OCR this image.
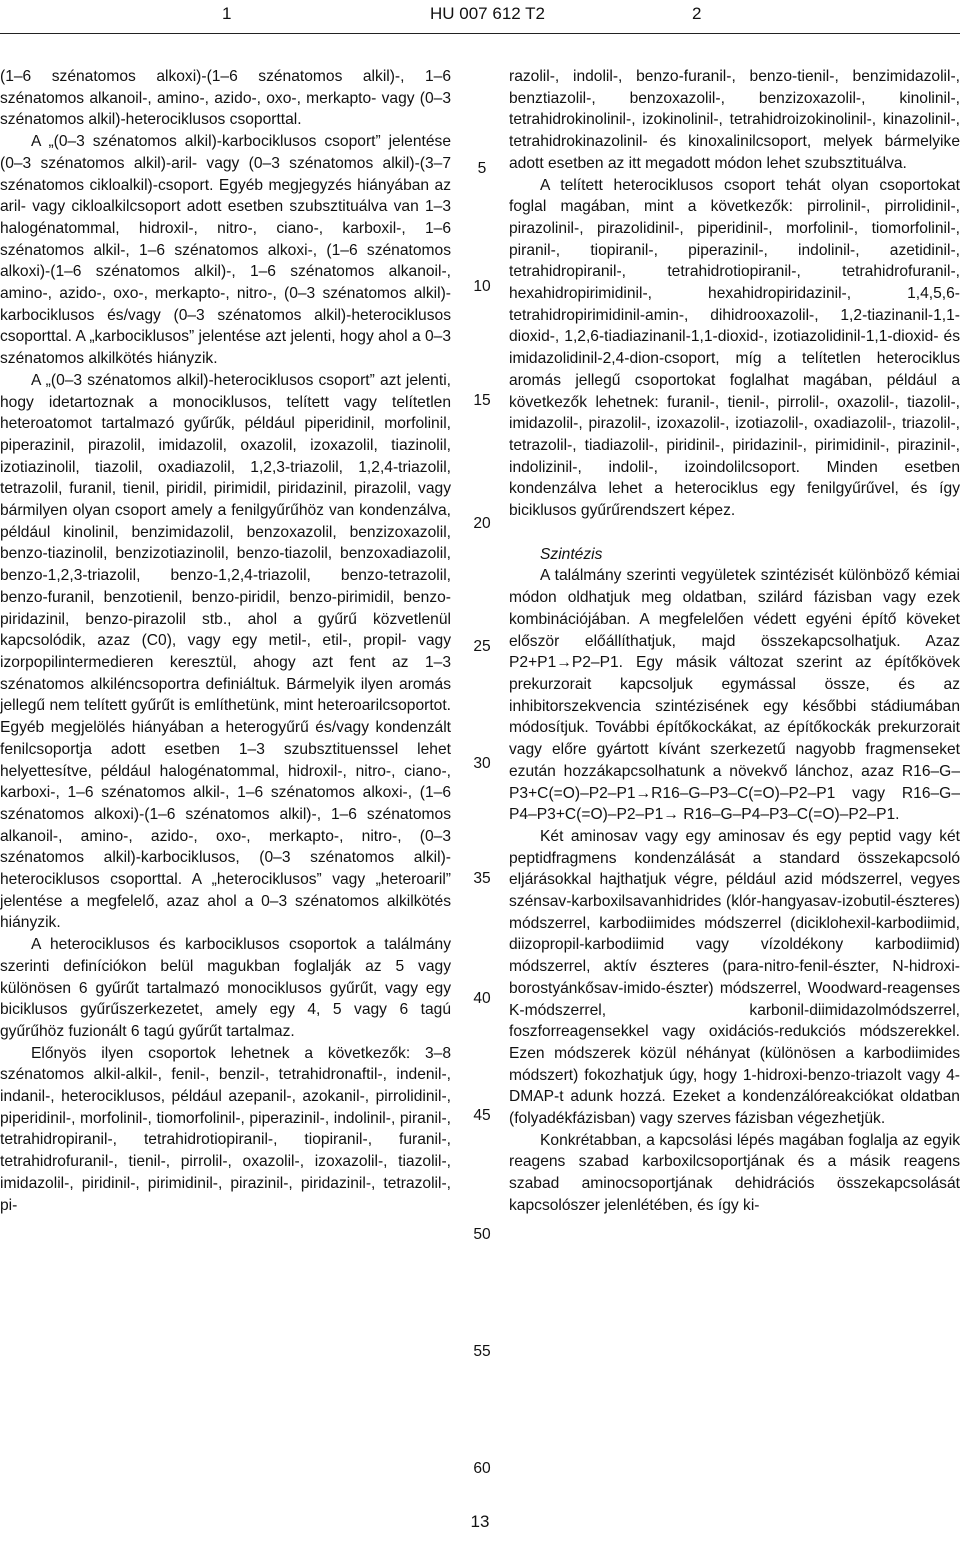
1	HU 007 612 T2	2

(1–6 szénatomos alkoxi)-(1–6 szénatomos alkil)-, 1–6 szénatomos alkanoil-, amino-, azido-, oxo-, merkapto- vagy (0–3 szénatomos alkil)-heterociklusos csoporttal.

A „(0–3 szénatomos alkil)-karbociklusos csoport” jelentése (0–3 szénatomos alkil)-aril- vagy (0–3 szénatomos alkil)-(3–7 szénatomos cikloalkil)-csoport. Egyéb megjegyzés hiányában az aril- vagy cikloalkilcsoport adott esetben szubsztituálva van 1–3 halogénatommal, hidroxil-, nitro-, ciano-, karboxil-, 1–6 szénatomos alkil-, 1–6 szénatomos alkoxi-, (1–6 szénatomos alkoxi)-(1–6 szénatomos alkil)-, 1–6 szénatomos alkanoil-, amino-, azido-, oxo-, merkapto-, nitro-, (0–3 szénatomos alkil)-karbociklusos és/vagy (0–3 szénatomos alkil)-heterociklusos csoporttal. A „karbociklusos” jelentése azt jelenti, hogy ahol a 0–3 szénatomos alkilkötés hiányzik.

A „(0–3 szénatomos alkil)-heterociklusos csoport” azt jelenti, hogy idetartoznak a monociklusos, telített vagy telítetlen heteroatomot tartalmazó gyűrűk, például piperidinil, morfolinil, piperazinil, pirazolil, imidazolil, oxazolil, izoxazolil, tiazinolil, izotiazinolil, tiazolil, oxadiazolil, 1,2,3-triazolil, 1,2,4-triazolil, tetrazolil, furanil, tienil, piridil, pirimidil, piridazinil, pirazolil, vagy bármilyen olyan csoport amely a fenilgyűrűhöz van kondenzálva, például kinolinil, benzimidazolil, benzoxazolil, benzizoxazolil, benzo-tiazinolil, benzizotiazinolil, benzo-tiazolil, benzoxadiazolil, benzo-1,2,3-triazolil, benzo-1,2,4-triazolil, benzo-tetrazolil, benzo-furanil, benzotienil, benzo-piridil, benzo-pirimidil, benzo-piridazinil, benzo-pirazolil stb., ahol a gyűrű közvetlenül kapcsolódik, azaz (C0), vagy egy metil-, etil-, propil- vagy izorpopilintermedieren keresztül, ahogy azt fent az 1–3 szénatomos alkiléncsoportra definiáltuk. Bármelyik ilyen aromás jellegű nem telített gyűrűt is említhetünk, mint heteroarilcsoportot. Egyéb megjelölés hiányában a heterogyűrű és/vagy kondenzált fenilcsoportja adott esetben 1–3 szubsztituenssel lehet helyettesítve, például halogénatommal, hidroxil-, nitro-, ciano-, karboxi-, 1–6 szénatomos alkil-, 1–6 szénatomos alkoxi-, (1–6 szénatomos alkoxi)-(1–6 szénatomos alkil)-, 1–6 szénatomos alkanoil-, amino-, azido-, oxo-, merkapto-, nitro-, (0–3 szénatomos alkil)-karbociklusos, (0–3 szénatomos alkil)-heterociklusos csoporttal. A „heterociklusos” vagy „heteroaril” jelentése a megfelelő, azaz ahol a 0–3 szénatomos alkilkötés hiányzik.

A heterociklusos és karbociklusos csoportok a találmány szerinti definíciókon belül magukban foglalják az 5 vagy különösen 6 gyűrűt tartalmazó monociklusos gyűrűt, vagy egy biciklusos gyűrűszerkezetet, amely egy 4, 5 vagy 6 tagú gyűrűhöz fuzionált 6 tagú gyűrűt tartalmaz.

Előnyös ilyen csoportok lehetnek a következők: 3–8 szénatomos alkil-alkil-, fenil-, benzil-, tetrahidronaftil-, indenil-, indanil-, heterociklusos, például azepanil-, azokanil-, pirrolidinil-, piperidinil-, morfolinil-, tiomorfolinil-, piperazinil-, indolinil-, piranil-, tetrahidropiranil-, tetrahidrotiopiranil-, tiopiranil-, furanil-, tetrahidrofuranil-, tienil-, pirrolil-, oxazolil-, izoxazolil-, tiazolil-, imidazolil-, piridinil-, pirimidinil-, pirazinil-, piridazinil-, tetrazolil-, pi-

5
10
15
20
25
30
35
40
45
50
55
60

razolil-, indolil-, benzo-furanil-, benzo-tienil-, benzimidazolil-, benztiazolil-, benzoxazolil-, benzizoxazolil-, kinolinil-, tetrahidrokinolinil-, izokinolinil-, tetrahidroizokinolinil-, kinazolinil-, tetrahidrokinazolinil- és kinoxalinilcsoport, melyek bármelyike adott esetben az itt megadott módon lehet szubsztituálva.

A telített heterociklusos csoport tehát olyan csoportokat foglal magában, mint a következők: pirrolinil-, pirrolidinil-, pirazolinil-, pirazolidinil-, piperidinil-, morfolinil-, tiomorfolinil-, piranil-, tiopiranil-, piperazinil-, indolinil-, azetidinil-, tetrahidropiranil-, tetrahidrotiopiranil-, tetrahidrofuranil-, hexahidropirimidinil-, hexahidropiridazinil-, 1,4,5,6-tetrahidropirimidinil-amin-, dihidrooxazolil-, 1,2-tiazinanil-1,1-dioxid-, 1,2,6-tiadiazinanil-1,1-dioxid-, izotiazolidinil-1,1-dioxid- és imidazolidinil-2,4-dion-csoport, míg a telítetlen heterociklus aromás jellegű csoportokat foglalhat magában, például a következők lehetnek: furanil-, tienil-, pirrolil-, oxazolil-, tiazolil-, imidazolil-, pirazolil-, izoxazolil-, izotiazolil-, oxadiazolil-, triazolil-, tetrazolil-, tiadiazolil-, piridinil-, piridazinil-, pirimidinil-, pirazinil-, indolizinil-, indolil-, izoindolilcsoport. Minden esetben kondenzálva lehet a heterociklus egy fenilgyűrűvel, és így biciklusos gyűrűrendszert képez.

Szintézis

A találmány szerinti vegyületek szintézisét különböző kémiai módon oldhatjuk meg oldatban, szilárd fázisban vagy ezek kombinációjában. A megfelelően védett egyéni építő köveket először előállíthatjuk, majd összekapcsolhatjuk. Azaz P2+P1→P2–P1. Egy másik változat szerint az építőkövek prekurzorait kapcsoljuk egymással össze, és az inhibitorszekvencia szintézisének egy későbbi stádiumában módosítjuk. További építőkockákat, az építőkockák prekurzorait vagy előre gyártott kívánt szerkezetű nagyobb fragmenseket ezután hozzákapcsolhatunk a növekvő lánchoz, azaz R16–G–P3+C(=O)–P2–P1→R16–G–P3–C(=O)–P2–P1 vagy R16–G–P4–P3+C(=O)–P2–P1→ R16–G–P4–P3–C(=O)–P2–P1.

Két aminosav vagy egy aminosav és egy peptid vagy két peptidfragmens kondenzálását a standard összekapcsoló eljárásokkal hajthatjuk végre, például azid módszerrel, vegyes szénsav-karboxilsavanhidrides (klór-hangyasav-izobutil-észteres) módszerrel, karbodiimides módszerrel (diciklohexil-karbodiimid, diizopropil-karbodiimid vagy vízoldékony karbodiimid) módszerrel, aktív észteres (para-nitro-fenil-észter, N-hidroxi-borostyánkősav-imido-észter) módszerrel, Woodward-reagenses K-módszerrel, karbonil-diimidazolmódszerrel, foszforreagensekkel vagy oxidációs-redukciós módszerekkel. Ezen módszerek közül néhányat (különösen a karbodiimides módszert) fokozhatjuk úgy, hogy 1-hidroxi-benzo-triazolt vagy 4-DMAP-t adunk hozzá. Ezeket a kondenzálóreakciókat oldatban (folyadékfázisban) vagy szerves fázisban végezhetjük.

Konkrétabban, a kapcsolási lépés magában foglalja az egyik reagens szabad karboxilcsoportjának és a másik reagens szabad aminocsoportjának dehidrációs összekapcsolását kapcsolószer jelenlétében, és így ki-

13
